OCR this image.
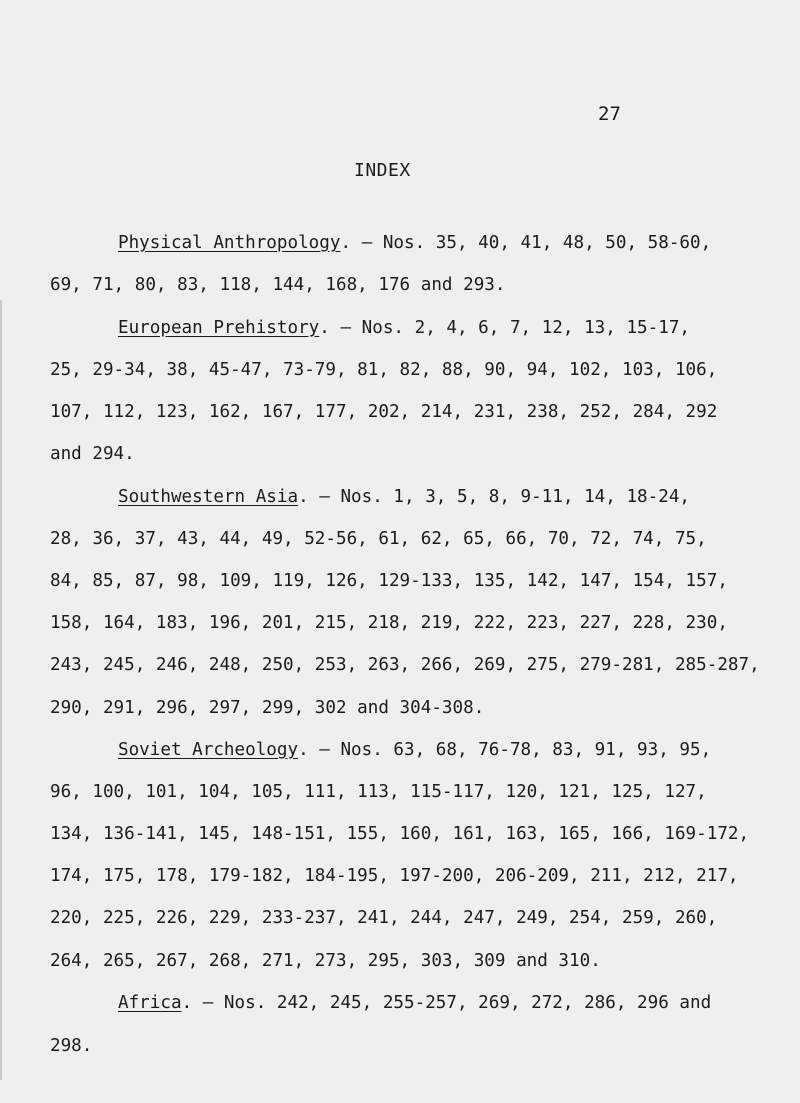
27
INDEX
Physical Anthropology. — Nos. 35, 40, 41, 48, 50, 58-60,
69, 71, 80, 83, 118, 144, 168, 176 and 293.
European Prehistory. — Nos. 2, 4, 6, 7, 12, 13, 15-17,
25, 29-34, 38, 45-47, 73-79, 81, 82, 88, 90, 94, 102, 103, 106,
107, 112, 123, 162, 167, 177, 202, 214, 231, 238, 252, 284, 292
and 294.
Southwestern Asia. — Nos. 1, 3, 5, 8, 9-11, 14, 18-24,
28, 36, 37, 43, 44, 49, 52-56, 61, 62, 65, 66, 70, 72, 74, 75,
84, 85, 87, 98, 109, 119, 126, 129-133, 135, 142, 147, 154, 157,
158, 164, 183, 196, 201, 215, 218, 219, 222, 223, 227, 228, 230,
243, 245, 246, 248, 250, 253, 263, 266, 269, 275, 279-281, 285-287,
290, 291, 296, 297, 299, 302 and 304-308.
Soviet Archeology. — Nos. 63, 68, 76-78, 83, 91, 93, 95,
96, 100, 101, 104, 105, 111, 113, 115-117, 120, 121, 125, 127,
134, 136-141, 145, 148-151, 155, 160, 161, 163, 165, 166, 169-172,
174, 175, 178, 179-182, 184-195, 197-200, 206-209, 211, 212, 217,
220, 225, 226, 229, 233-237, 241, 244, 247, 249, 254, 259, 260,
264, 265, 267, 268, 271, 273, 295, 303, 309 and 310.
Africa. — Nos. 242, 245, 255-257, 269, 272, 286, 296 and
298.
